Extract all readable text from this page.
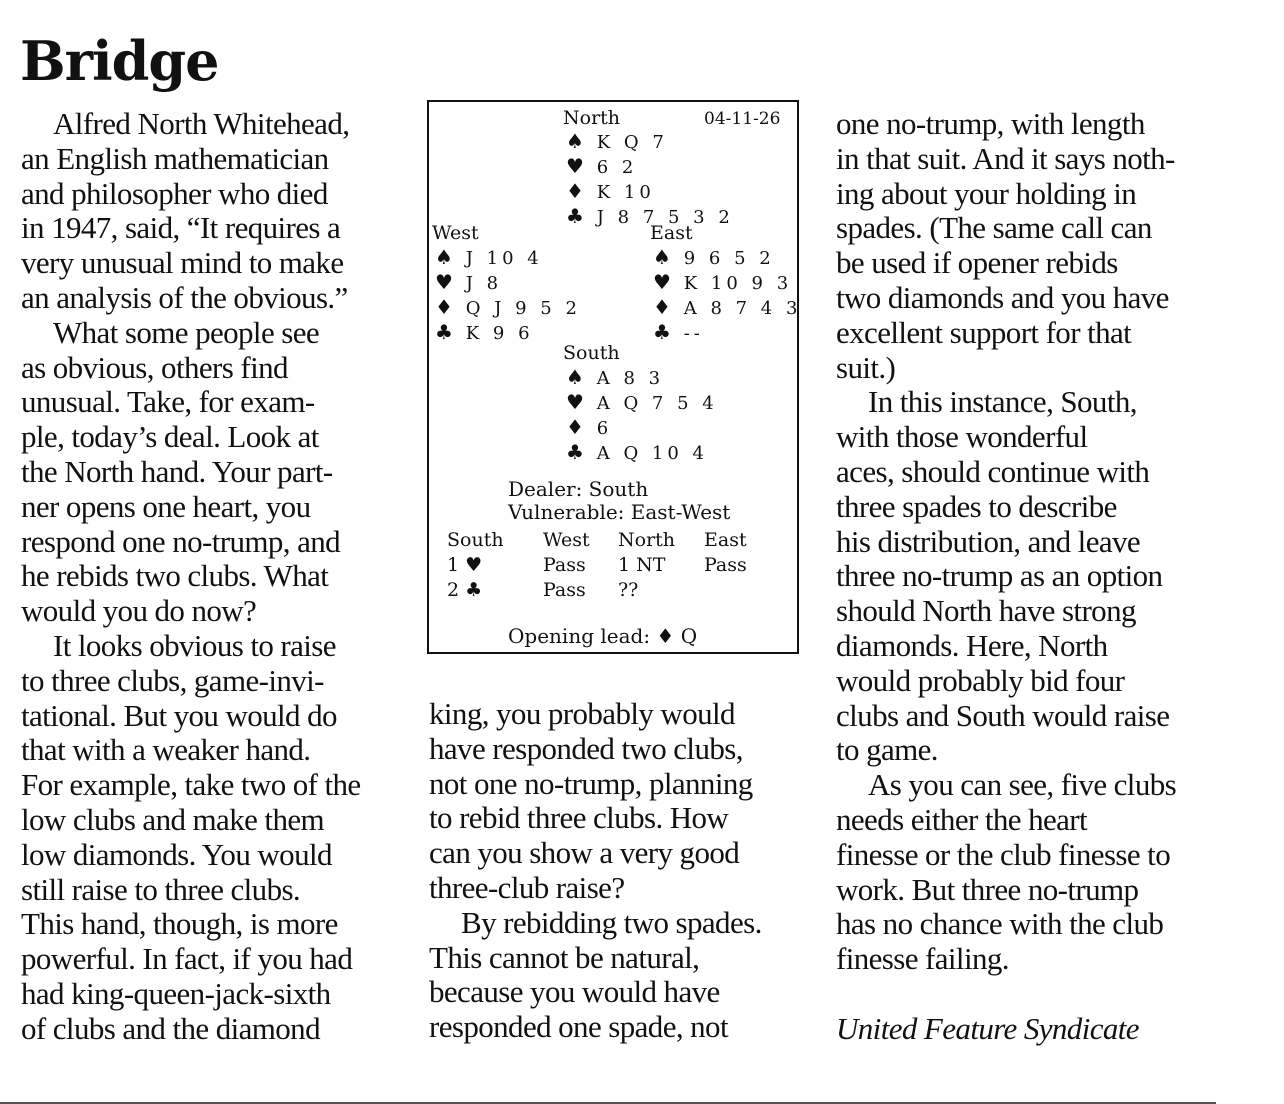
Bridge
Alfred North Whitehead,
an English mathematician
and philosopher who died
in 1947, said, “It requires a
very unusual mind to make
an analysis of the obvious.”
What some people see
as obvious, others find
unusual. Take, for exam-
ple, today’s deal. Look at
the North hand. Your part-
ner opens one heart, you
respond one no-trump, and
he rebids two clubs. What
would you do now?
It looks obvious to raise
to three clubs, game-invi-
tational. But you would do
that with a weaker hand.
For example, take two of the
low clubs and make them
low diamonds. You would
still raise to three clubs.
This hand, though, is more
powerful. In fact, if you had
had king-queen-jack-sixth
of clubs and the diamond
king, you probably would
have responded two clubs,
not one no-trump, planning
to rebid three clubs. How
can you show a very good
three-club raise?
By rebidding two spades.
This cannot be natural,
because you would have
responded one spade, not
one no-trump, with length
in that suit. And it says noth-
ing about your holding in
spades. (The same call can
be used if opener rebids
two diamonds and you have
excellent support for that
suit.)
In this instance, South,
with those wonderful
aces, should continue with
three spades to describe
his distribution, and leave
three no-trump as an option
should North have strong
diamonds. Here, North
would probably bid four
clubs and South would raise
to game.
As you can see, five clubs
needs either the heart
finesse or the club finesse to
work. But three no-trump
has no chance with the club
finesse failing.
United Feature Syndicate
North	04-11-26
West	East
South
Dealer: South
Vulnerable: East-West
Opening lead: ♦ Q
♠ K Q 7
♥ 6 2
♦ K 10
♣ J 8 7 5 3 2
♠ J 10 4
♥ J 8
♦ Q J 9 5 2
♣ K 9 6
♠ 9 6 5 2
♥ K 10 9 3
♦ A 8 7 4 3
♣ --
♠ A 8 3
♥ A Q 7 5 4
♦ 6
♣ A Q 10 4
South West North East
1 ♥	Pass 1 NT Pass
2 ♣	Pass ??
